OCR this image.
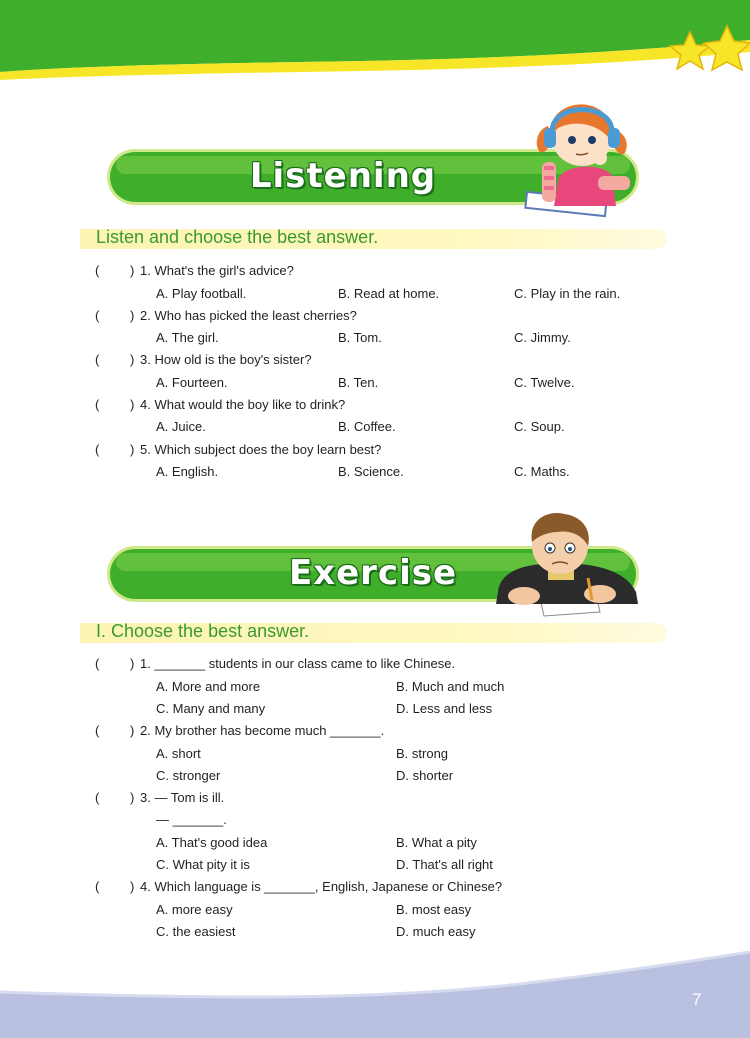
Listening
Listen and choose the best answer.
( ) 1. What's the girl's advice?
A. Play football.	B. Read at home.	C. Play in the rain.
( ) 2. Who has picked the least cherries?
A. The girl.	B. Tom.	C. Jimmy.
( ) 3. How old is the boy's sister?
A. Fourteen.	B. Ten.	C. Twelve.
( ) 4. What would the boy like to drink?
A. Juice.	B. Coffee.	C. Soup.
( ) 5. Which subject does the boy learn best?
A. English.	B. Science.	C. Maths.
Exercise
I. Choose the best answer.
( ) 1. _______ students in our class came to like Chinese.
A. More and more	B. Much and much
C. Many and many	D. Less and less
( ) 2. My brother has become much _______.
A. short	B. strong
C. stronger	D. shorter
( ) 3. — Tom is ill.
— _______.
A. That's good idea	B. What a pity
C. What pity it is	D. That's all right
( ) 4. Which language is _______, English, Japanese or Chinese?
A. more easy	B. most easy
C. the easiest	D. much easy
7
